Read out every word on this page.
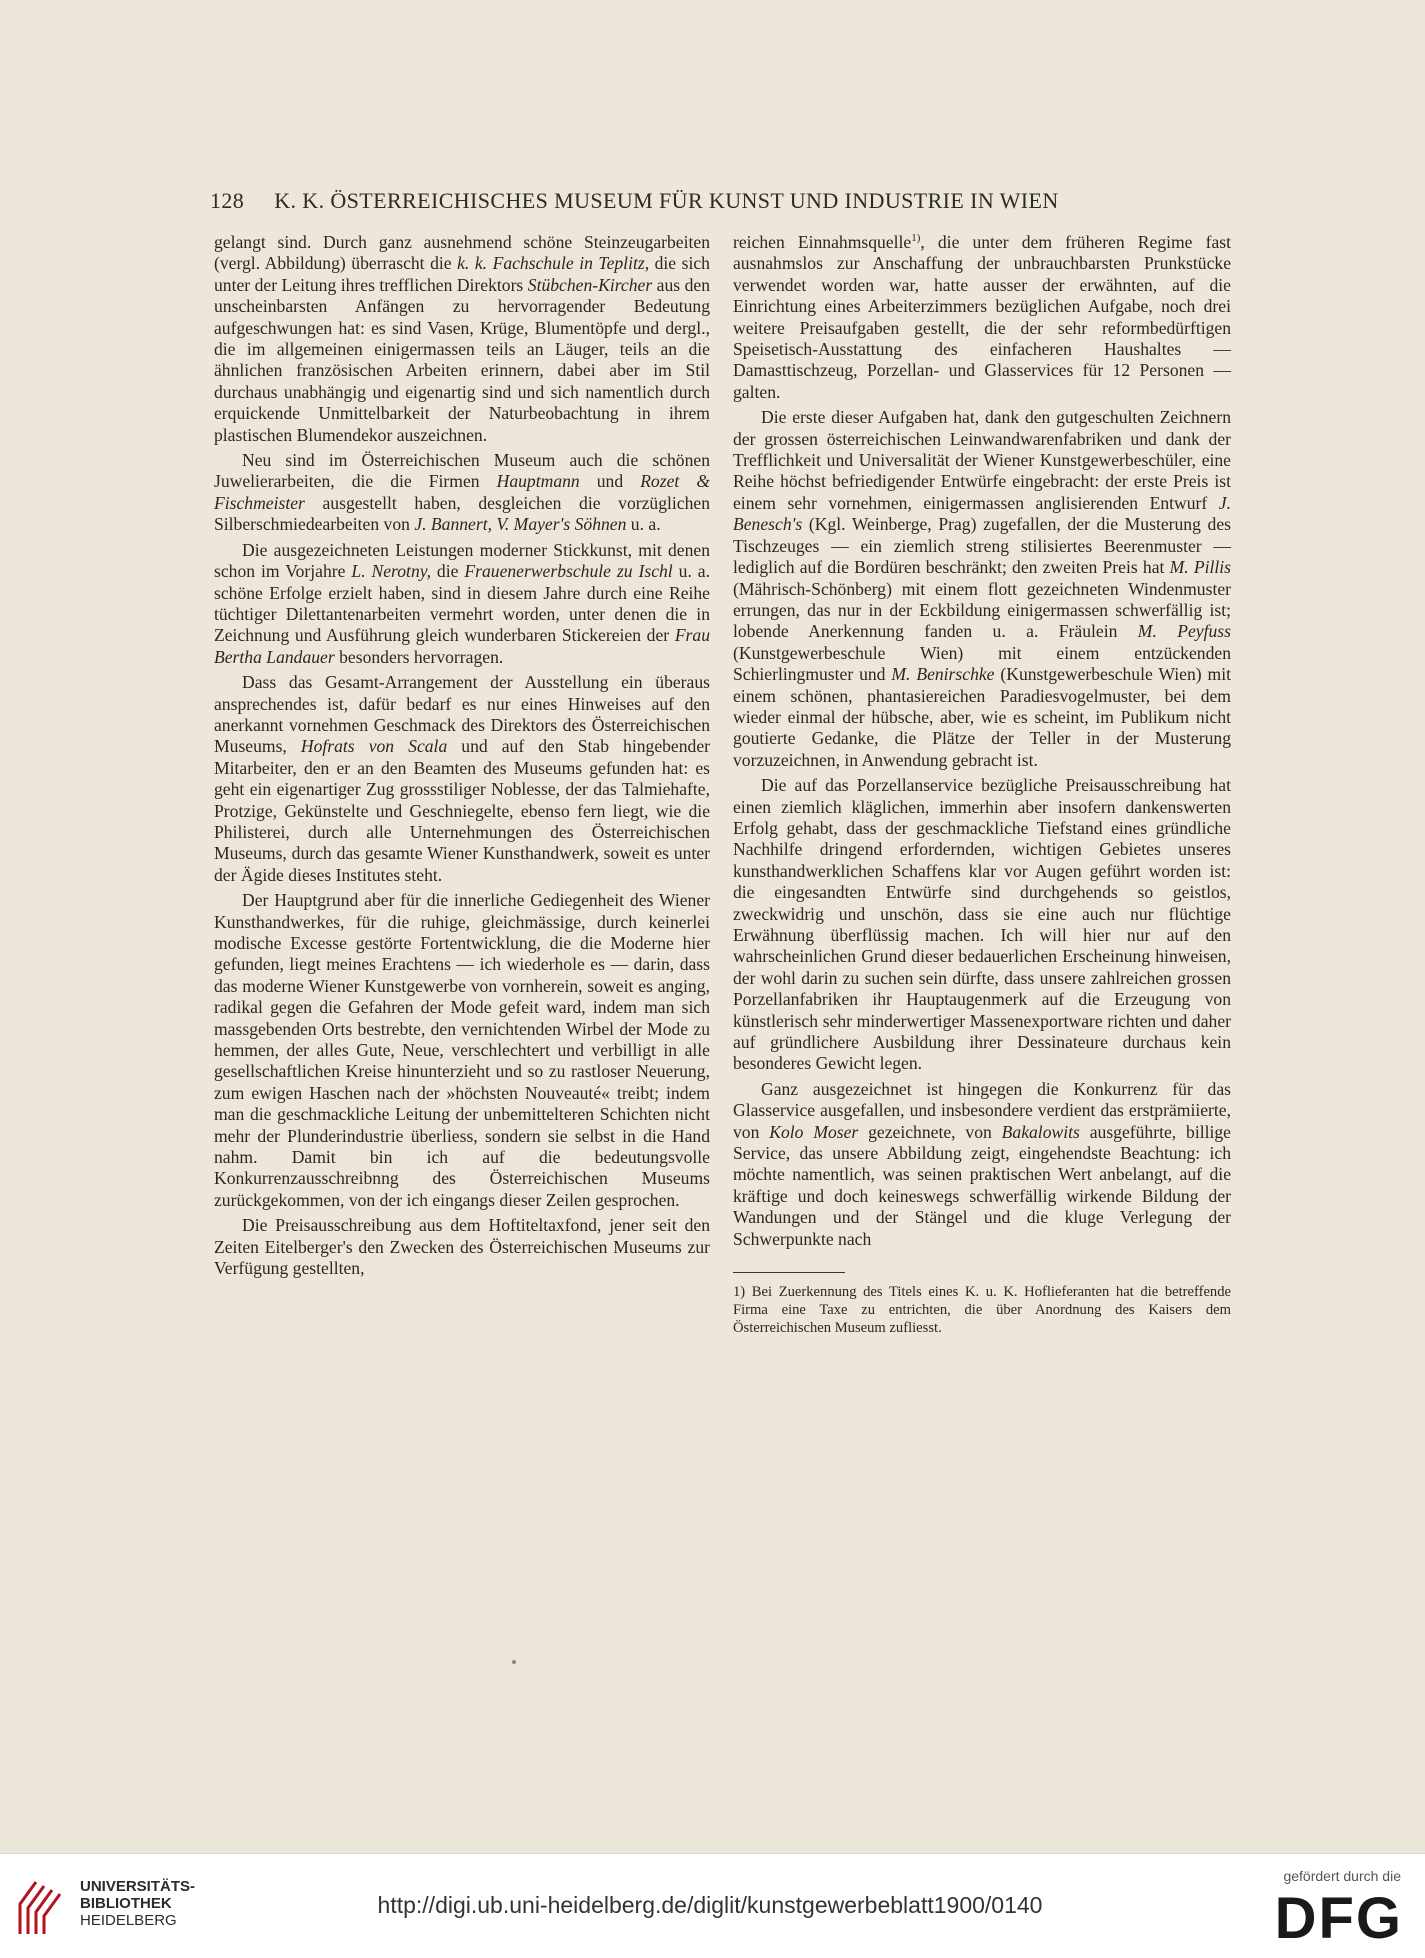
128 K. K. ÖSTERREICHISCHES MUSEUM FÜR KUNST UND INDUSTRIE IN WIEN

gelangt sind. Durch ganz ausnehmend schöne Steinzeugarbeiten (vergl. Abbildung) überrascht die k. k. Fachschule in Teplitz, die sich unter der Leitung ihres trefflichen Direktors Stübchen-Kircher aus den unscheinbarsten Anfängen zu hervorragender Bedeutung aufgeschwungen hat: es sind Vasen, Krüge, Blumentöpfe und dergl., die im allgemeinen einigermassen teils an Läuger, teils an die ähnlichen französischen Arbeiten erinnern, dabei aber im Stil durchaus unabhängig und eigenartig sind und sich namentlich durch erquickende Unmittelbarkeit der Naturbeobachtung in ihrem plastischen Blumendekor auszeichnen.

Neu sind im Österreichischen Museum auch die schönen Juwelierarbeiten, die die Firmen Hauptmann und Rozet & Fischmeister ausgestellt haben, desgleichen die vorzüglichen Silberschmiedearbeiten von J. Bannert, V. Mayer's Söhnen u. a.

Die ausgezeichneten Leistungen moderner Stickkunst, mit denen schon im Vorjahre L. Nerotny, die Frauenerwerbschule zu Ischl u. a. schöne Erfolge erzielt haben, sind in diesem Jahre durch eine Reihe tüchtiger Dilettantenarbeiten vermehrt worden, unter denen die in Zeichnung und Ausführung gleich wunderbaren Stickereien der Frau Bertha Landauer besonders hervorragen.

Dass das Gesamt-Arrangement der Ausstellung ein überaus ansprechendes ist, dafür bedarf es nur eines Hinweises auf den anerkannt vornehmen Geschmack des Direktors des Österreichischen Museums, Hofrats von Scala und auf den Stab hingebender Mitarbeiter, den er an den Beamten des Museums gefunden hat: es geht ein eigenartiger Zug grossstiliger Noblesse, der das Talmiehafte, Protzige, Gekünstelte und Geschniegelte, ebenso fern liegt, wie die Philisterei, durch alle Unternehmungen des Österreichischen Museums, durch das gesamte Wiener Kunsthandwerk, soweit es unter der Ägide dieses Institutes steht.

Der Hauptgrund aber für die innerliche Gediegenheit des Wiener Kunsthandwerkes, für die ruhige, gleichmässige, durch keinerlei modische Excesse gestörte Fortentwicklung, die die Moderne hier gefunden, liegt meines Erachtens — ich wiederhole es — darin, dass das moderne Wiener Kunstgewerbe von vornherein, soweit es anging, radikal gegen die Gefahren der Mode gefeit ward, indem man sich massgebenden Orts bestrebte, den vernichtenden Wirbel der Mode zu hemmen, der alles Gute, Neue, verschlechtert und verbilligt in alle gesellschaftlichen Kreise hinunterzieht und so zu rastloser Neuerung, zum ewigen Haschen nach der »höchsten Nouveauté« treibt; indem man die geschmackliche Leitung der unbemittelteren Schichten nicht mehr der Plunderindustrie überliess, sondern sie selbst in die Hand nahm. Damit bin ich auf die bedeutungsvolle Konkurrenzausschreibnng des Österreichischen Museums zurückgekommen, von der ich eingangs dieser Zeilen gesprochen.

Die Preisausschreibung aus dem Hoftiteltaxfond, jener seit den Zeiten Eitelberger's den Zwecken des Österreichischen Museums zur Verfügung gestellten,

reichen Einnahmsquelle$^{1)}$, die unter dem früheren Regime fast ausnahmslos zur Anschaffung der unbrauchbarsten Prunkstücke verwendet worden war, hatte ausser der erwähnten, auf die Einrichtung eines Arbeiterzimmers bezüglichen Aufgabe, noch drei weitere Preisaufgaben gestellt, die der sehr reformbedürftigen Speisetisch-Ausstattung des einfacheren Haushaltes — Damasttischzeug, Porzellan- und Glasservices für 12 Personen — galten.

Die erste dieser Aufgaben hat, dank den gutgeschulten Zeichnern der grossen österreichischen Leinwandwarenfabriken und dank der Trefflichkeit und Universalität der Wiener Kunstgewerbeschüler, eine Reihe höchst befriedigender Entwürfe eingebracht: der erste Preis ist einem sehr vornehmen, einigermassen anglisierenden Entwurf J. Benesch's (Kgl. Weinberge, Prag) zugefallen, der die Musterung des Tischzeuges — ein ziemlich streng stilisiertes Beerenmuster — lediglich auf die Bordüren beschränkt; den zweiten Preis hat M. Pillis (Mährisch-Schönberg) mit einem flott gezeichneten Windenmuster errungen, das nur in der Eckbildung einigermassen schwerfällig ist; lobende Anerkennung fanden u. a. Fräulein M. Peyfuss (Kunstgewerbeschule Wien) mit einem entzückenden Schierlingmuster und M. Benirschke (Kunstgewerbeschule Wien) mit einem schönen, phantasiereichen Paradiesvogelmuster, bei dem wieder einmal der hübsche, aber, wie es scheint, im Publikum nicht goutierte Gedanke, die Plätze der Teller in der Musterung vorzuzeichnen, in Anwendung gebracht ist.

Die auf das Porzellanservice bezügliche Preisausschreibung hat einen ziemlich kläglichen, immerhin aber insofern dankenswerten Erfolg gehabt, dass der geschmackliche Tiefstand eines gründliche Nachhilfe dringend erfordernden, wichtigen Gebietes unseres kunsthandwerklichen Schaffens klar vor Augen geführt worden ist: die eingesandten Entwürfe sind durchgehends so geistlos, zweckwidrig und unschön, dass sie eine auch nur flüchtige Erwähnung überflüssig machen. Ich will hier nur auf den wahrscheinlichen Grund dieser bedauerlichen Erscheinung hinweisen, der wohl darin zu suchen sein dürfte, dass unsere zahlreichen grossen Porzellanfabriken ihr Hauptaugenmerk auf die Erzeugung von künstlerisch sehr minderwertiger Massenexportware richten und daher auf gründlichere Ausbildung ihrer Dessinateure durchaus kein besonderes Gewicht legen.

Ganz ausgezeichnet ist hingegen die Konkurrenz für das Glasservice ausgefallen, und insbesondere verdient das erstprämiierte, von Kolo Moser gezeichnete, von Bakalowits ausgeführte, billige Service, das unsere Abbildung zeigt, eingehendste Beachtung: ich möchte namentlich, was seinen praktischen Wert anbelangt, auf die kräftige und doch keineswegs schwerfällig wirkende Bildung der Wandungen und der Stängel und die kluge Verlegung der Schwerpunkte nach

1) Bei Zuerkennung des Titels eines K. u. K. Hoflieferanten hat die betreffende Firma eine Taxe zu entrichten, die über Anordnung des Kaisers dem Österreichischen Museum zufliesst.
UNIVERSITÄTS-
BIBLIOTHEK
HEIDELBERG
http://digi.ub.uni-heidelberg.de/diglit/kunstgewerbeblatt1900/0140
gefördert durch die
DFG
